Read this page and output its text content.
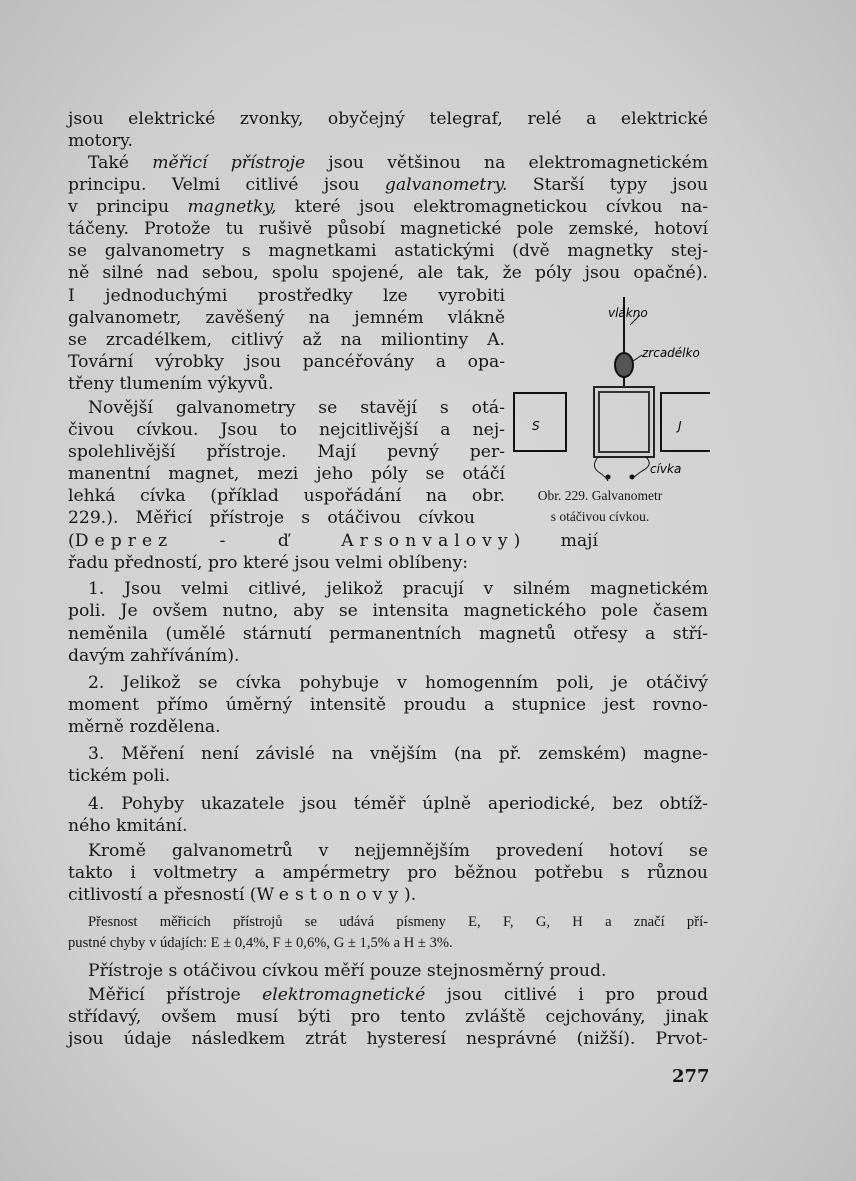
jsou elektrické zvonky, obyčejný telegraf, relé a elektrické
motory.
Také měřicí přístroje jsou většinou na elektromagnetickém
principu. Velmi citlivé jsou galvanometry. Starší typy jsou
v principu magnetky, které jsou elektromagnetickou cívkou na-
táčeny. Protože tu rušivě působí magnetické pole zemské, hotoví
se galvanometry s magnetkami astatickými (dvě magnetky stej-
ně silné nad sebou, spolu spojené, ale tak, že póly jsou opačné).
I jednoduchými prostředky lze vyrobiti
galvanometr, zavěšený na jemném vlákně
se zrcadélkem, citlivý až na miliontiny A.
Tovární výrobky jsou pancéřovány a opa-
třeny tlumením výkyvů.
Novější galvanometry se stavějí s otá-
čivou cívkou. Jsou to nejcitlivější a nej-
spolehlivější přístroje. Mají pevný per-
manentní magnet, mezi jeho póly se otáčí
lehká cívka (příklad uspořádání na obr.
229.). Měřicí přístroje s otáčivou cívkou
(Deprez - ď Arsonvalovy) mají
řadu předností, pro které jsou velmi oblíbeny:
1. Jsou velmi citlivé, jelikož pracují v silném magnetickém
poli. Je ovšem nutno, aby se intensita magnetického pole časem
neměnila (umělé stárnutí permanentních magnetů otřesy a stří-
davým zahříváním).
2. Jelikož se cívka pohybuje v homogenním poli, je otáčivý
moment přímo úměrný intensitě proudu a stupnice jest rovno-
měrně rozdělena.
3. Měření není závislé na vnějším (na př. zemském) magne-
tickém poli.
4. Pohyby ukazatele jsou téměř úplně aperiodické, bez obtíž-
ného kmitání.
Kromě galvanometrů v nejjemnějším provedení hotoví se
takto i voltmetry a ampérmetry pro běžnou potřebu s různou
citlivostí a přesností (Westonovy).
Přesnost měřicích přístrojů se udává písmeny E, F, G, H a značí pří-
pustné chyby v údajích: E ± 0,4%, F ± 0,6%, G ± 1,5% a H ± 3%.
Přístroje s otáčivou cívkou měří pouze stejnosměrný proud.
Měřicí přístroje elektromagnetické jsou citlivé i pro proud
střídavý, ovšem musí býti pro tento zvláště cejchovány, jinak
jsou údaje následkem ztrát hysteresí nesprávné (nižší). Prvot-
vlákno
zrcadélko
S	J
cívka
Obr. 229. Galvanometr
s otáčivou cívkou.
277
